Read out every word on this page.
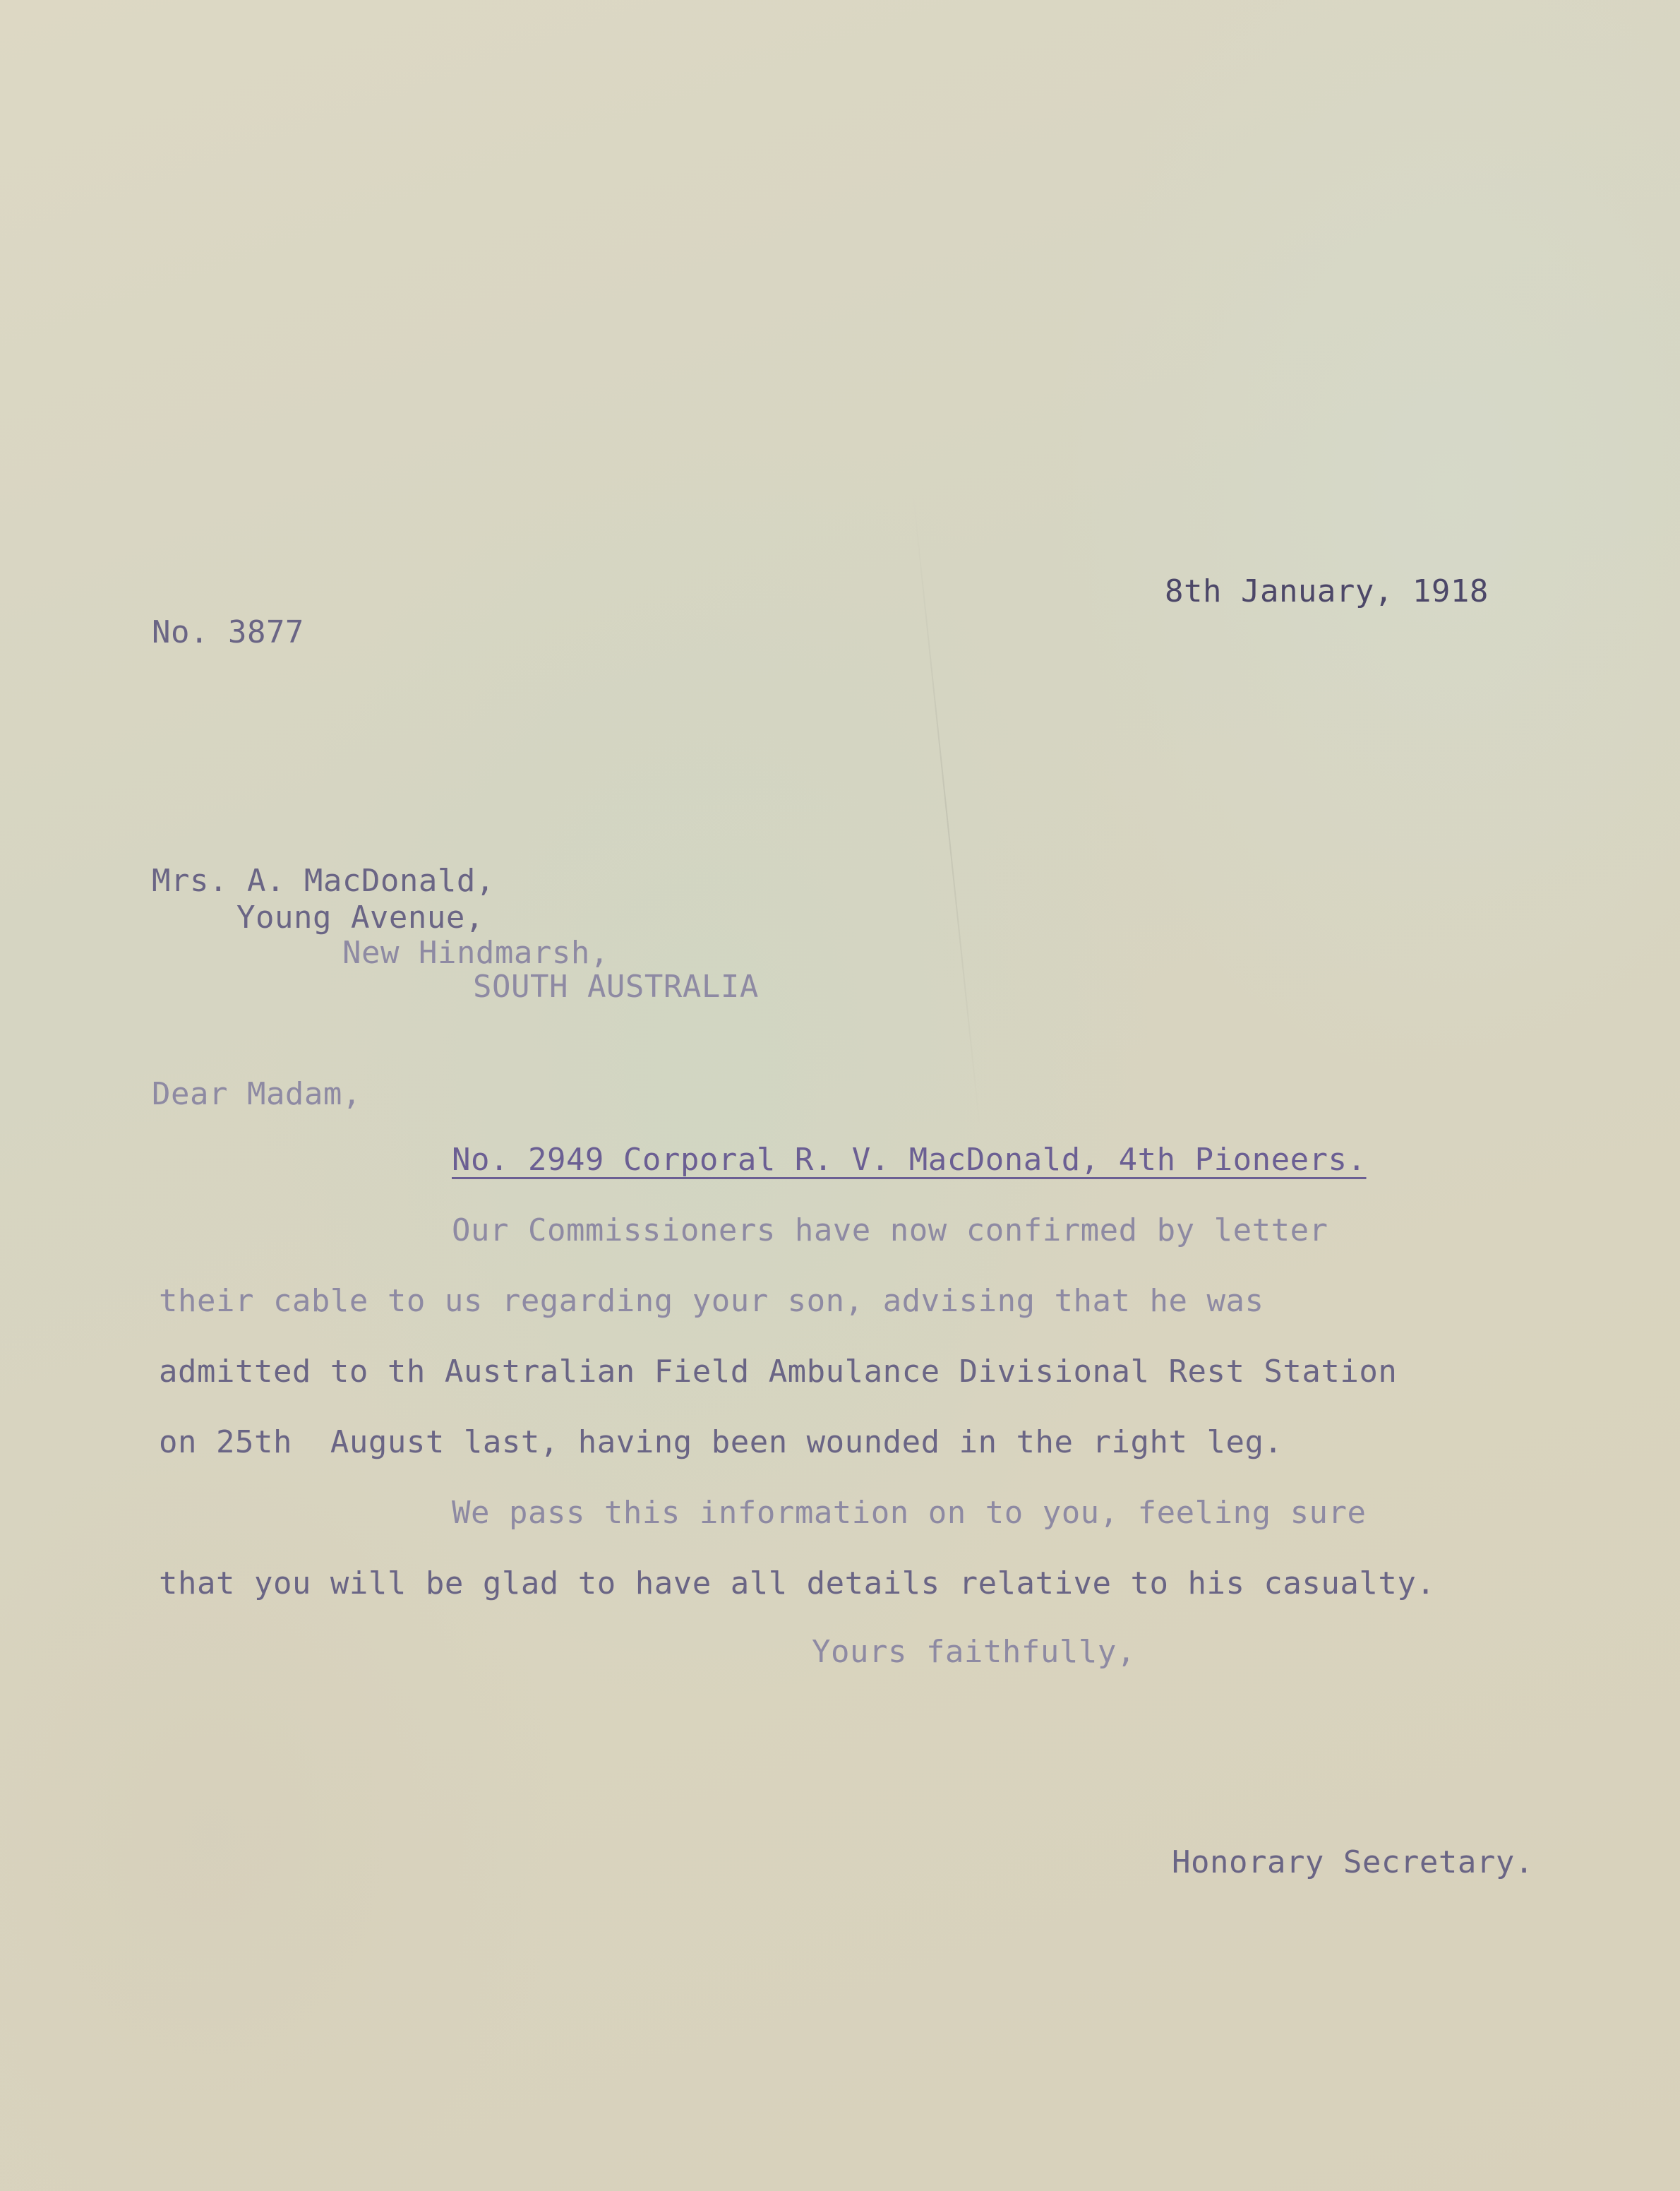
8th January, 1918
No. 3877
Mrs. A. MacDonald,
Young Avenue,
New Hindmarsh,
SOUTH AUSTRALIA
Dear Madam,
No. 2949 Corporal R. V. MacDonald, 4th Pioneers.
Our Commissioners have now confirmed by letter
their cable to us regarding your son, advising that he was
admitted to th Australian Field Ambulance Divisional Rest Station
on 25th  August last, having been wounded in the right leg.
We pass this information on to you, feeling sure
that you will be glad to have all details relative to his casualty.
Yours faithfully,
Honorary Secretary.
